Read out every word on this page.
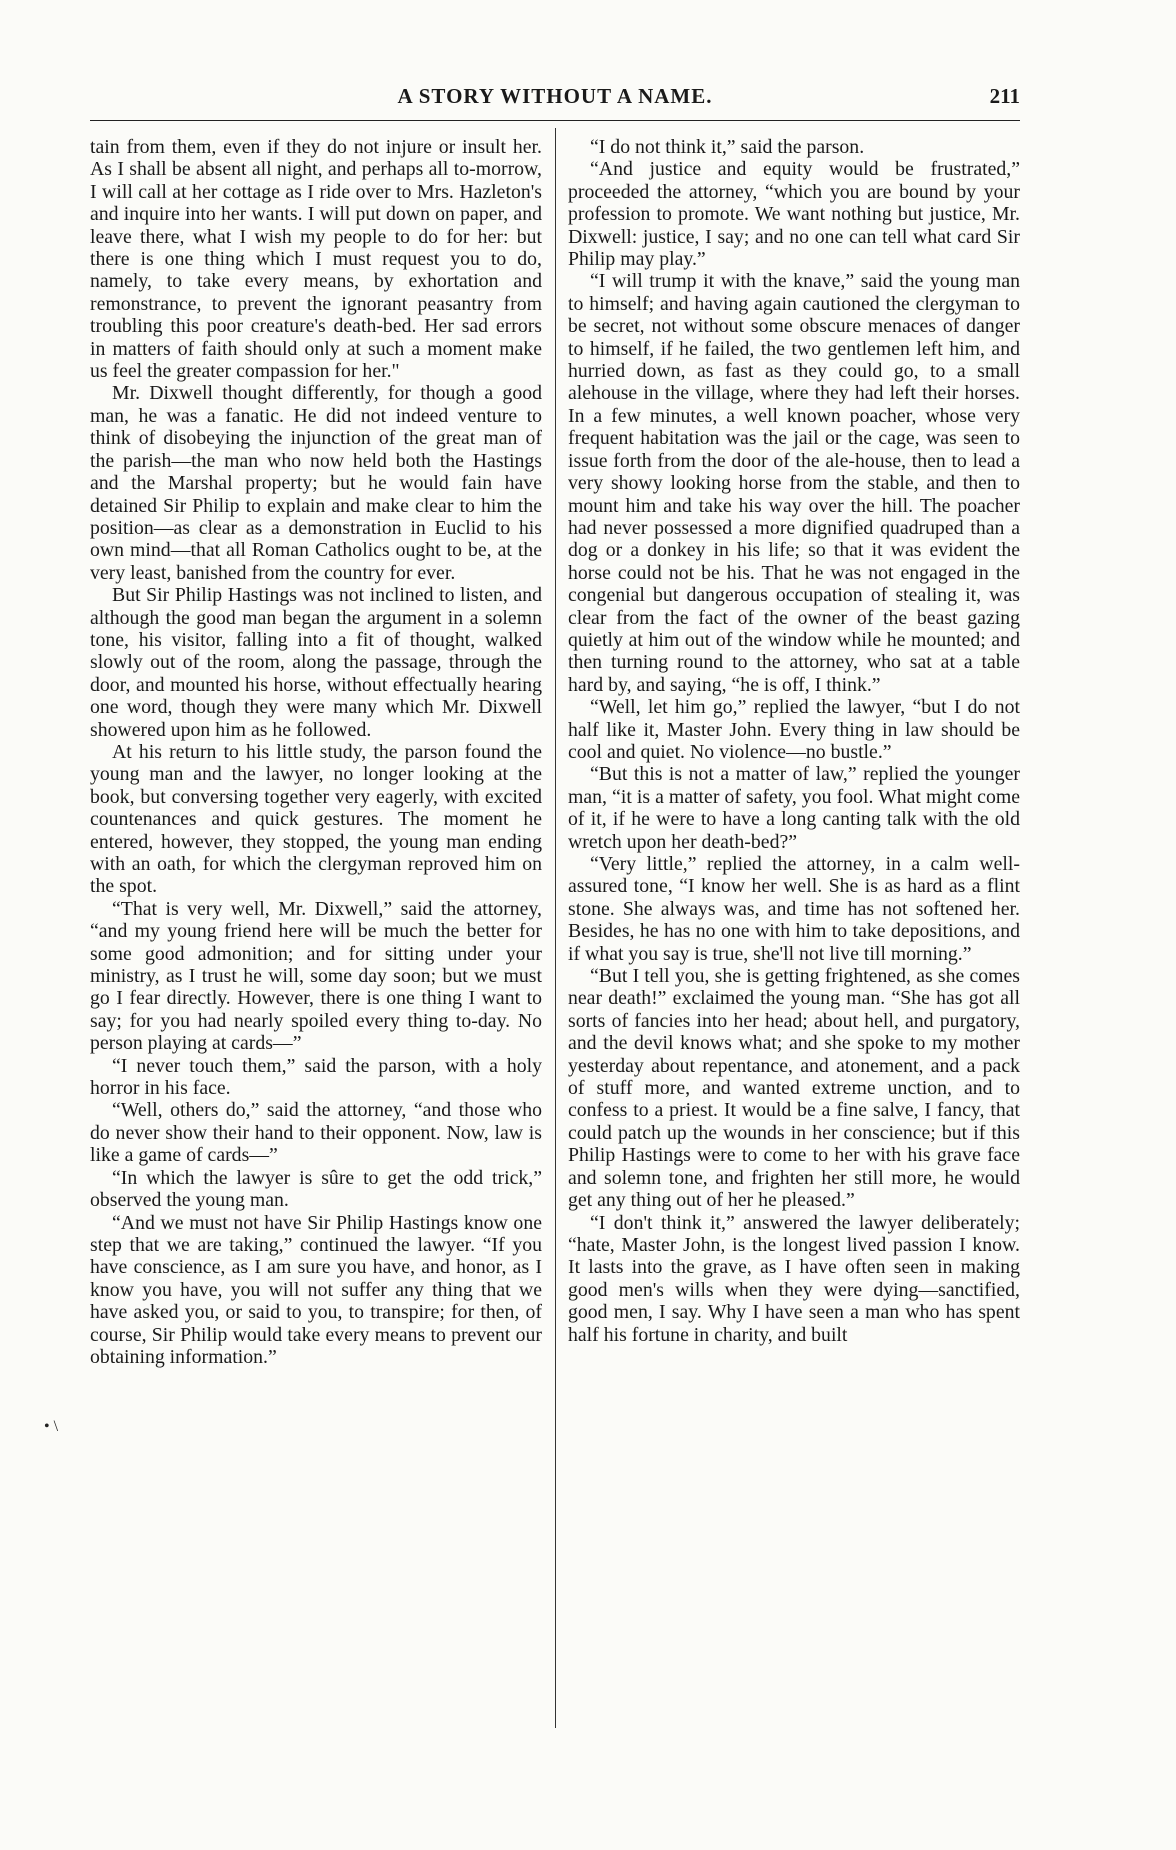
A STORY WITHOUT A NAME.	211
• \

tain from them, even if they do not injure or insult her. As I shall be absent all night, and perhaps all to-morrow, I will call at her cottage as I ride over to Mrs. Hazleton's and inquire into her wants. I will put down on paper, and leave there, what I wish my people to do for her: but there is one thing which I must request you to do, namely, to take every means, by exhortation and remonstrance, to prevent the ignorant peasantry from troubling this poor creature's death-bed. Her sad errors in matters of faith should only at such a moment make us feel the greater compassion for her."

Mr. Dixwell thought differently, for though a good man, he was a fanatic. He did not indeed venture to think of disobeying the injunction of the great man of the parish—the man who now held both the Hastings and the Marshal property; but he would fain have detained Sir Philip to explain and make clear to him the position—as clear as a demonstration in Euclid to his own mind—that all Roman Catholics ought to be, at the very least, banished from the country for ever.

But Sir Philip Hastings was not inclined to listen, and although the good man began the argument in a solemn tone, his visitor, falling into a fit of thought, walked slowly out of the room, along the passage, through the door, and mounted his horse, without effectually hearing one word, though they were many which Mr. Dixwell showered upon him as he followed.

At his return to his little study, the parson found the young man and the lawyer, no longer looking at the book, but conversing together very eagerly, with excited countenances and quick gestures. The moment he entered, however, they stopped, the young man ending with an oath, for which the clergyman reproved him on the spot.

“That is very well, Mr. Dixwell,” said the attorney, “and my young friend here will be much the better for some good admonition; and for sitting under your ministry, as I trust he will, some day soon; but we must go I fear directly. However, there is one thing I want to say; for you had nearly spoiled every thing to-day. No person playing at cards—”

“I never touch them,” said the parson, with a holy horror in his face.

“Well, others do,” said the attorney, “and those who do never show their hand to their opponent. Now, law is like a game of cards—”

“In which the lawyer is sûre to get the odd trick,” observed the young man.

“And we must not have Sir Philip Hastings know one step that we are taking,” continued the lawyer. “If you have conscience, as I am sure you have, and honor, as I know you have, you will not suffer any thing that we have asked you, or said to you, to transpire; for then, of course, Sir Philip would take every means to prevent our obtaining information.”

“I do not think it,” said the parson.

“And justice and equity would be frustrated,” proceeded the attorney, “which you are bound by your profession to promote. We want nothing but justice, Mr. Dixwell: justice, I say; and no one can tell what card Sir Philip may play.”

“I will trump it with the knave,” said the young man to himself; and having again cautioned the clergyman to be secret, not without some obscure menaces of danger to himself, if he failed, the two gentlemen left him, and hurried down, as fast as they could go, to a small alehouse in the village, where they had left their horses. In a few minutes, a well known poacher, whose very frequent habitation was the jail or the cage, was seen to issue forth from the door of the ale-house, then to lead a very showy looking horse from the stable, and then to mount him and take his way over the hill. The poacher had never possessed a more dignified quadruped than a dog or a donkey in his life; so that it was evident the horse could not be his. That he was not engaged in the congenial but dangerous occupation of stealing it, was clear from the fact of the owner of the beast gazing quietly at him out of the window while he mounted; and then turning round to the attorney, who sat at a table hard by, and saying, “he is off, I think.”

“Well, let him go,” replied the lawyer, “but I do not half like it, Master John. Every thing in law should be cool and quiet. No violence—no bustle.”

“But this is not a matter of law,” replied the younger man, “it is a matter of safety, you fool. What might come of it, if he were to have a long canting talk with the old wretch upon her death-bed?”

“Very little,” replied the attorney, in a calm well-assured tone, “I know her well. She is as hard as a flint stone. She always was, and time has not softened her. Besides, he has no one with him to take depositions, and if what you say is true, she'll not live till morning.”

“But I tell you, she is getting frightened, as she comes near death!” exclaimed the young man. “She has got all sorts of fancies into her head; about hell, and purgatory, and the devil knows what; and she spoke to my mother yesterday about repentance, and atonement, and a pack of stuff more, and wanted extreme unction, and to confess to a priest. It would be a fine salve, I fancy, that could patch up the wounds in her conscience; but if this Philip Hastings were to come to her with his grave face and solemn tone, and frighten her still more, he would get any thing out of her he pleased.”

“I don't think it,” answered the lawyer deliberately; “hate, Master John, is the longest lived passion I know. It lasts into the grave, as I have often seen in making good men's wills when they were dying—sanctified, good men, I say. Why I have seen a man who has spent half his fortune in charity, and built
